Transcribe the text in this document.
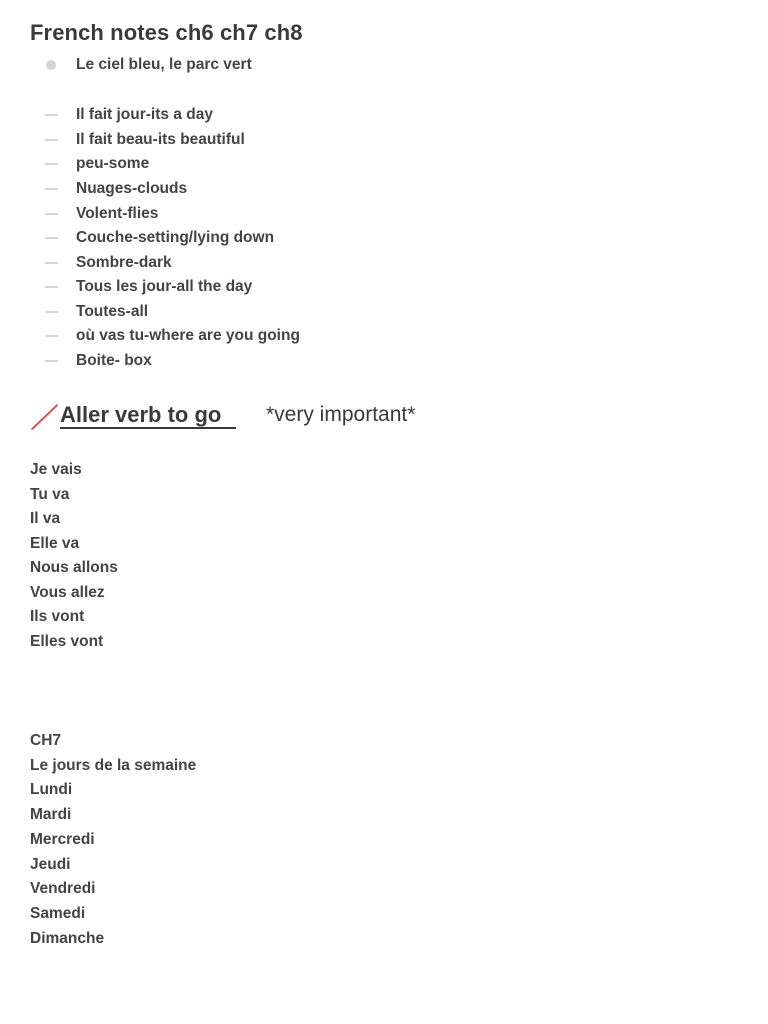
French notes ch6 ch7 ch8
Le ciel bleu, le parc vert
Il fait jour-its a day
Il fait beau-its beautiful
peu-some
Nuages-clouds
Volent-flies
Couche-setting/lying down
Sombre-dark
Tous les jour-all the day
Toutes-all
où vas tu-where are you going
Boite- box
Aller verb to go *very important*
Je vais
Tu va
Il va
Elle va
Nous allons
Vous allez
Ils vont
Elles vont
CH7
Le jours de la semaine
Lundi
Mardi
Mercredi
Jeudi
Vendredi
Samedi
Dimanche
